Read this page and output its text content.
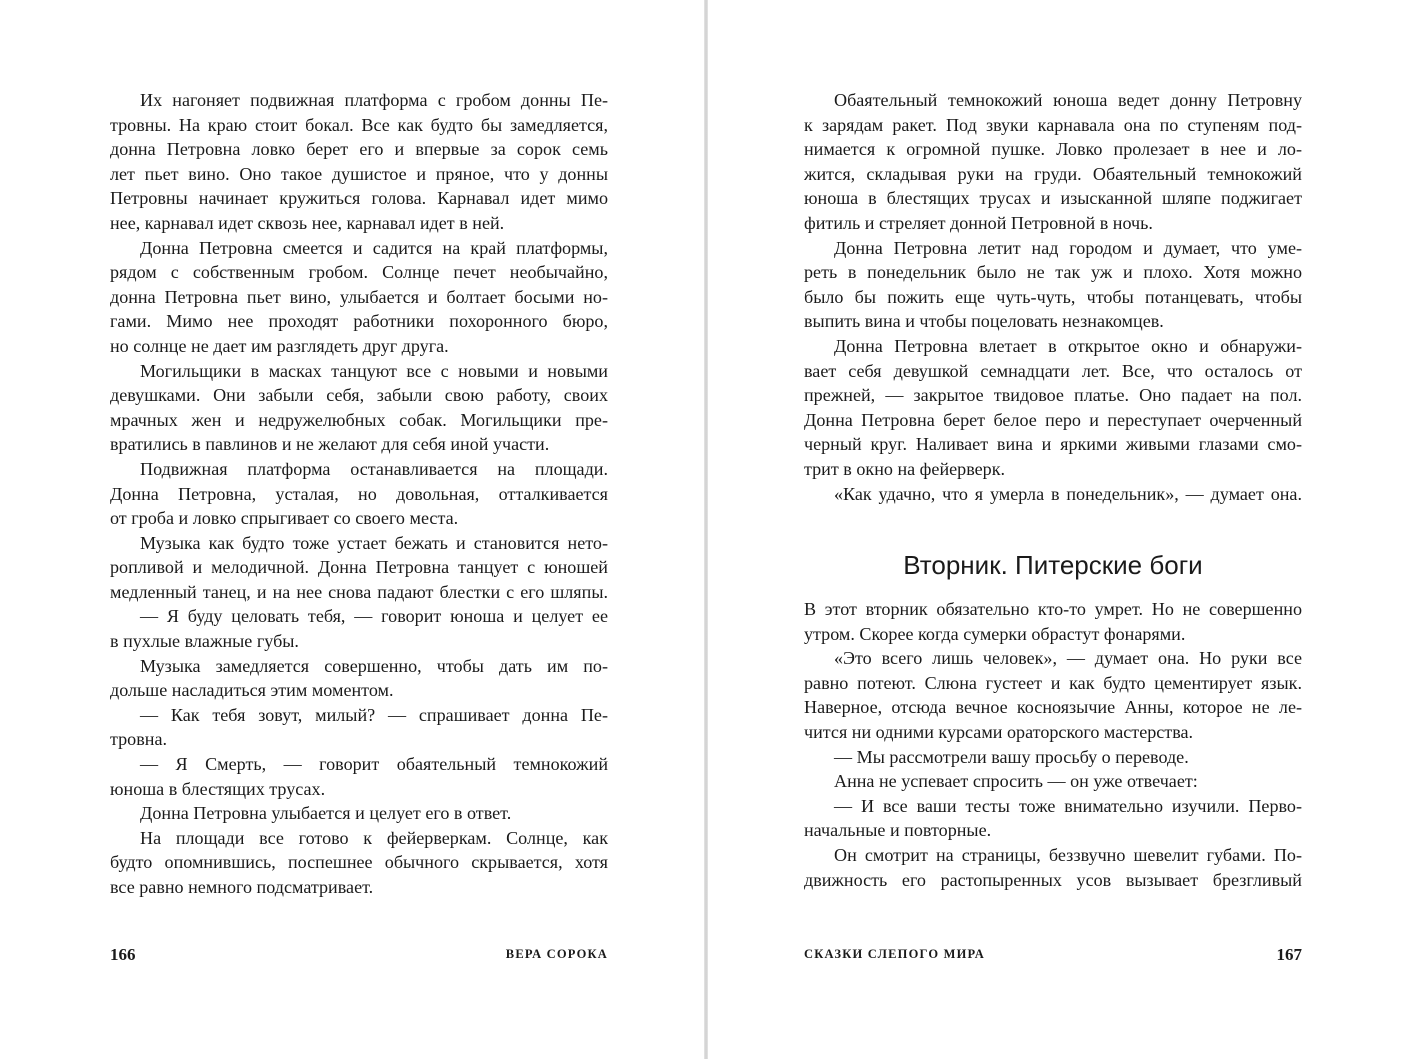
Их нагоняет подвижная платформа с гробом донны Пе-
тровны. На краю стоит бокал. Все как будто бы замедляется,
донна Петровна ловко берет его и впервые за сорок семь
лет пьет вино. Оно такое душистое и пряное, что у донны
Петровны начинает кружиться голова. Карнавал идет мимо
нее, карнавал идет сквозь нее, карнавал идет в ней.
Донна Петровна смеется и садится на край платформы,
рядом с собственным гробом. Солнце печет необычайно,
донна Петровна пьет вино, улыбается и болтает босыми но-
гами. Мимо нее проходят работники похоронного бюро,
но солнце не дает им разглядеть друг друга.
Могильщики в масках танцуют все с новыми и новыми
девушками. Они забыли себя, забыли свою работу, своих
мрачных жен и недружелюбных собак. Могильщики пре-
вратились в павлинов и не желают для себя иной участи.
Подвижная платформа останавливается на площади.
Донна Петровна, усталая, но довольная, отталкивается
от гроба и ловко спрыгивает со своего места.
Музыка как будто тоже устает бежать и становится нето-
ропливой и мелодичной. Донна Петровна танцует с юношей
медленный танец, и на нее снова падают блестки с его шляпы.
— Я буду целовать тебя, — говорит юноша и целует ее
в пухлые влажные губы.
Музыка замедляется совершенно, чтобы дать им по-
дольше насладиться этим моментом.
— Как тебя зовут, милый? — спрашивает донна Пе-
тровна.
— Я Смерть, — говорит обаятельный темнокожий
юноша в блестящих трусах.
Донна Петровна улыбается и целует его в ответ.
На площади все готово к фейерверкам. Солнце, как
будто опомнившись, поспешнее обычного скрывается, хотя
все равно немного подсматривает.
166	ВЕРА СОРОКА
Обаятельный темнокожий юноша ведет донну Петровну
к зарядам ракет. Под звуки карнавала она по ступеням под-
нимается к огромной пушке. Ловко пролезает в нее и ло-
жится, складывая руки на груди. Обаятельный темнокожий
юноша в блестящих трусах и изысканной шляпе поджигает
фитиль и стреляет донной Петровной в ночь.
Донна Петровна летит над городом и думает, что уме-
реть в понедельник было не так уж и плохо. Хотя можно
было бы пожить еще чуть-чуть, чтобы потанцевать, чтобы
выпить вина и чтобы поцеловать незнакомцев.
Донна Петровна влетает в открытое окно и обнаружи-
вает себя девушкой семнадцати лет. Все, что осталось от
прежней, — закрытое твидовое платье. Оно падает на пол.
Донна Петровна берет белое перо и переступает очерченный
черный круг. Наливает вина и яркими живыми глазами смо-
трит в окно на фейерверк.
«Как удачно, что я умерла в понедельник», — думает она.
Вторник. Питерские боги
В этот вторник обязательно кто-то умрет. Но не совершенно
утром. Скорее когда сумерки обрастут фонарями.
«Это всего лишь человек», — думает она. Но руки все
равно потеют. Слюна густеет и как будто цементирует язык.
Наверное, отсюда вечное косноязычие Анны, которое не ле-
чится ни одними курсами ораторского мастерства.
— Мы рассмотрели вашу просьбу о переводе.
Анна не успевает спросить — он уже отвечает:
— И все ваши тесты тоже внимательно изучили. Перво-
начальные и повторные.
Он смотрит на страницы, беззвучно шевелит губами. По-
движность его растопыренных усов вызывает брезгливый
СКАЗКИ СЛЕПОГО МИРА	167
